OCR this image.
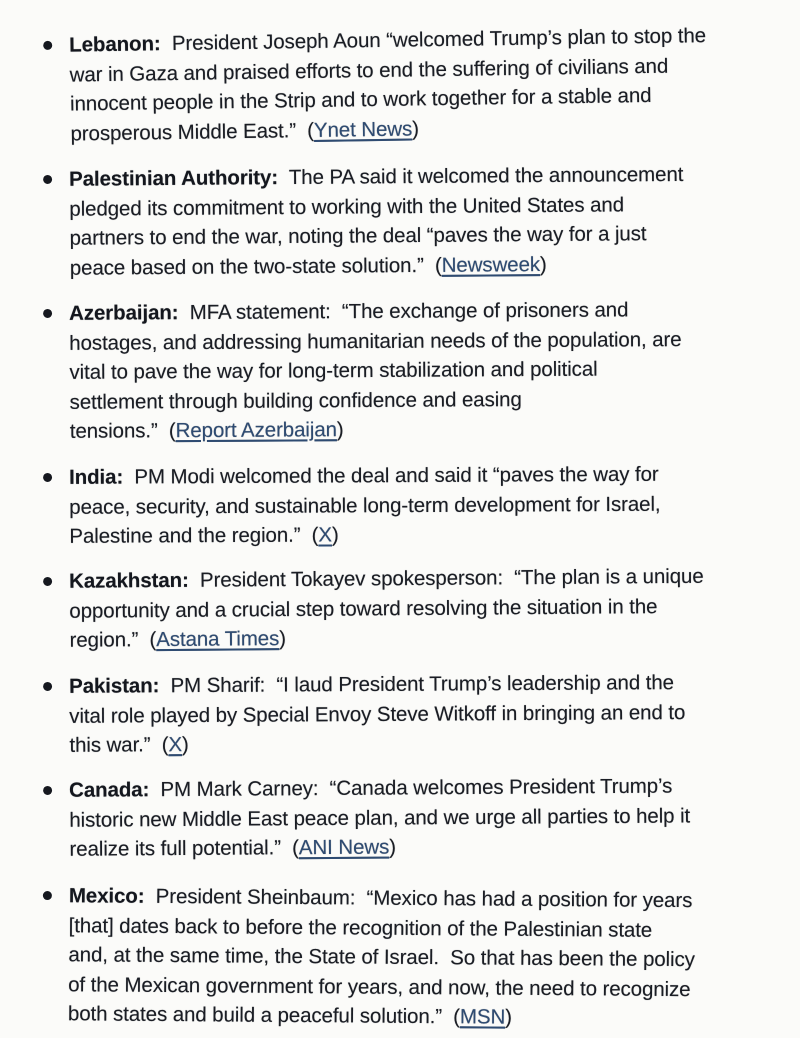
Lebanon:  President Joseph Aoun “welcomed Trump’s plan to stop the
war in Gaza and praised efforts to end the suffering of civilians and
innocent people in the Strip and to work together for a stable and
prosperous Middle East.”  (Ynet News)

Palestinian Authority:  The PA said it welcomed the announcement
pledged its commitment to working with the United States and
partners to end the war, noting the deal “paves the way for a just
peace based on the two-state solution.”  (Newsweek)

Azerbaijan:  MFA statement:  “The exchange of prisoners and
hostages, and addressing humanitarian needs of the population, are
vital to pave the way for long-term stabilization and political
settlement through building confidence and easing
tensions.”  (Report Azerbaijan)

India:  PM Modi welcomed the deal and said it “paves the way for
peace, security, and sustainable long-term development for Israel,
Palestine and the region.”  (X)

Kazakhstan:  President Tokayev spokesperson:  “The plan is a unique
opportunity and a crucial step toward resolving the situation in the
region.”  (Astana Times)

Pakistan:  PM Sharif:  “I laud President Trump’s leadership and the
vital role played by Special Envoy Steve Witkoff in bringing an end to
this war.”  (X)

Canada:  PM Mark Carney:  “Canada welcomes President Trump’s
historic new Middle East peace plan, and we urge all parties to help it
realize its full potential.”  (ANI News)

Mexico:  President Sheinbaum:  “Mexico has had a position for years
[that] dates back to before the recognition of the Palestinian state
and, at the same time, the State of Israel.  So that has been the policy
of the Mexican government for years, and now, the need to recognize
both states and build a peaceful solution.”  (MSN)
